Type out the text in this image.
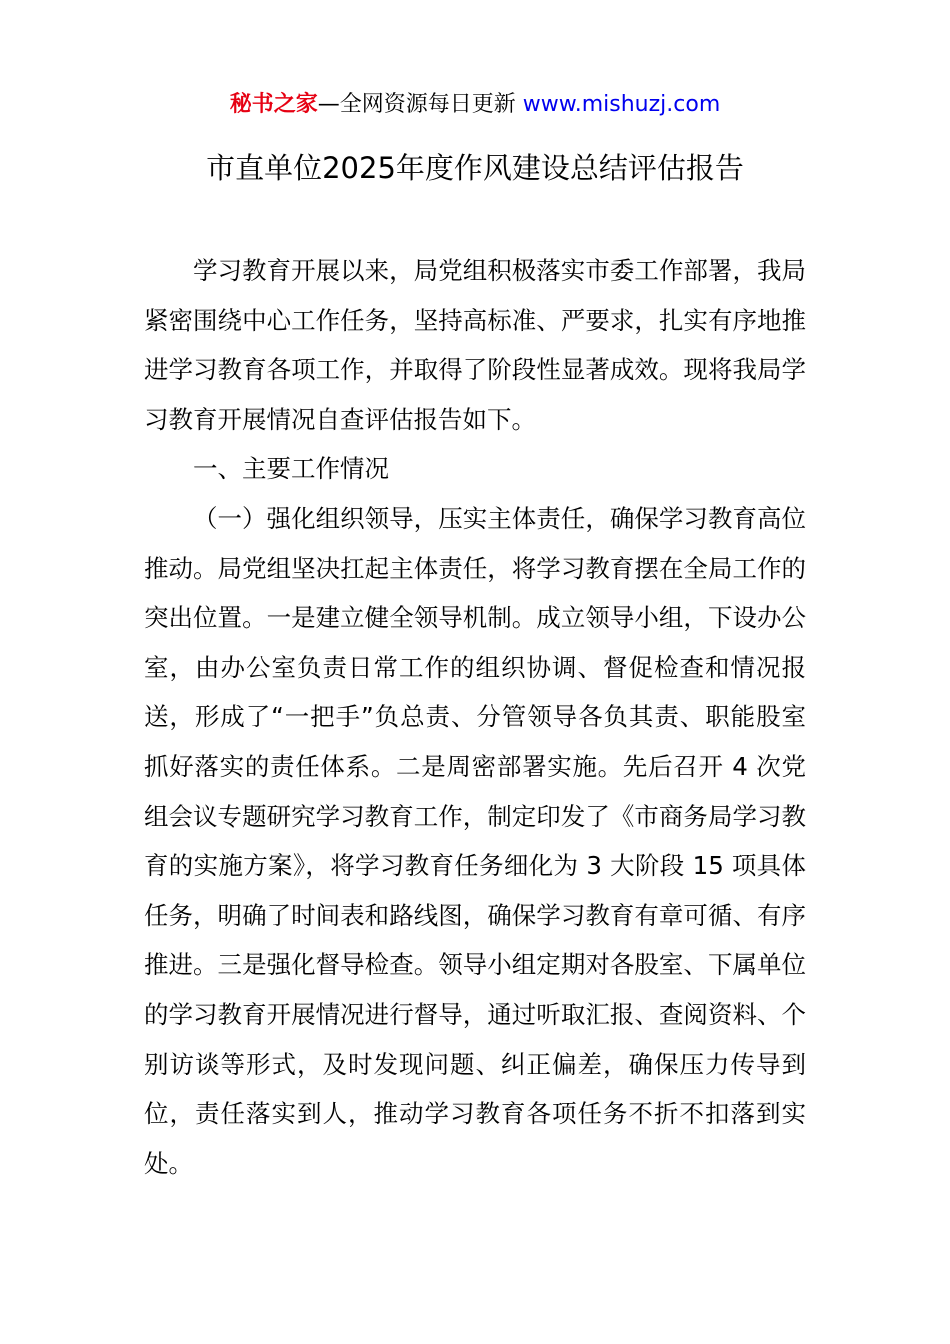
秘书之家—全网资源每日更新 www.mishuzj.com
市直单位2025年度作风建设总结评估报告

学习教育开展以来，局党组积极落实市委工作部署，我局紧密围绕中心工作任务，坚持高标准、严要求，扎实有序地推进学习教育各项工作，并取得了阶段性显著成效。现将我局学习教育开展情况自查评估报告如下。

一、主要工作情况

（一）强化组织领导，压实主体责任，确保学习教育高位推动。局党组坚决扛起主体责任，将学习教育摆在全局工作的突出位置。一是建立健全领导机制。成立领导小组，下设办公室，由办公室负责日常工作的组织协调、督促检查和情况报送，形成了“一把手”负总责、分管领导各负其责、职能股室抓好落实的责任体系。二是周密部署实施。先后召开 4 次党组会议专题研究学习教育工作，制定印发了《市商务局学习教育的实施方案》，将学习教育任务细化为 3 大阶段 15 项具体任务，明确了时间表和路线图，确保学习教育有章可循、有序推进。三是强化督导检查。领导小组定期对各股室、下属单位的学习教育开展情况进行督导，通过听取汇报、查阅资料、个别访谈等形式，及时发现问题、纠正偏差，确保压力传导到位，责任落实到人，推动学习教育各项任务不折不扣落到实处。
